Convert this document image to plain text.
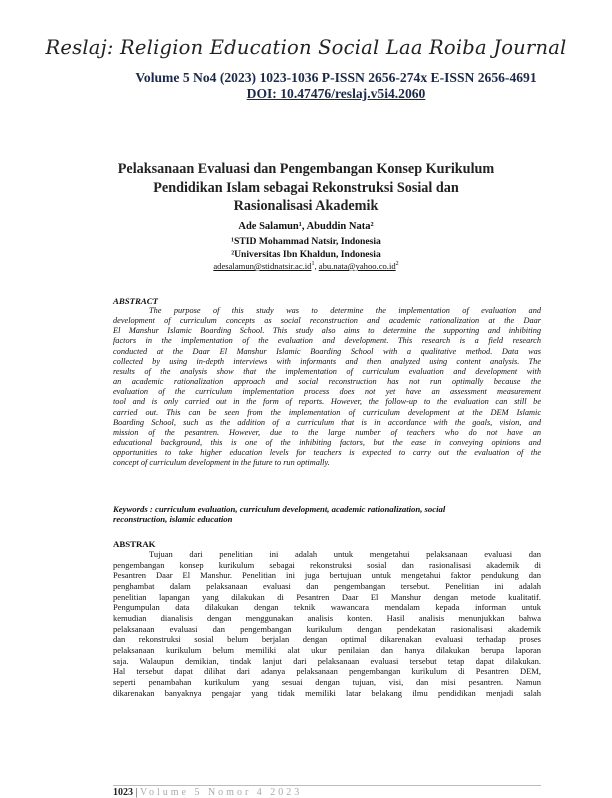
Reslaj: Religion Education Social Laa Roiba Journal
Volume 5 No4 (2023) 1023-1036 P-ISSN 2656-274x E-ISSN 2656-4691
DOI: 10.47476/reslaj.v5i4.2060
Pelaksanaan Evaluasi dan Pengembangan Konsep Kurikulum
Pendidikan Islam sebagai Rekonstruksi Sosial dan
Rasionalisasi Akademik
Ade Salamun¹, Abuddin Nata²
¹STID Mohammad Natsir, Indonesia
²Universitas Ibn Khaldun, Indonesia
$adesalamun@stidnatsir.ac.id^1$, $abu.nata@yahoo.co.id^2$
ABSTRACT
The purpose of this study was to determine the implementation of evaluation and
development of curriculum concepts as social reconstruction and academic rationalization at the Daar
El Manshur Islamic Boarding School. This study also aims to determine the supporting and inhibiting
factors in the implementation of the evaluation and development. This research is a field research
conducted at the Daar El Manshur Islamic Boarding School with a qualitative method. Data was
collected by using in-depth interviews with informants and then analyzed using content analysis. The
results of the analysis show that the implementation of curriculum evaluation and development with
an academic rationalization approach and social reconstruction has not run optimally because the
evaluation of the curriculum implementation process does not yet have an assessment measurement
tool and is only carried out in the form of reports. However, the follow-up to the evaluation can still be
carried out. This can be seen from the implementation of curriculum development at the DEM Islamic
Boarding School, such as the addition of a curriculum that is in accordance with the goals, vision, and
mission of the pesantren. However, due to the large number of teachers who do not have an
educational background, this is one of the inhibiting factors, but the ease in conveying opinions and
opportunities to take higher education levels for teachers is expected to carry out the evaluation of the
concept of curriculum development in the future to run optimally.
Keywords : curriculum evaluation, curriculum development, academic rationalization, social
reconstruction, islamic education
ABSTRAK
Tujuan dari penelitian ini adalah untuk mengetahui pelaksanaan evaluasi dan
pengembangan konsep kurikulum sebagai rekonstruksi sosial dan rasionalisasi akademik di
Pesantren Daar El Manshur. Penelitian ini juga bertujuan untuk mengetahui faktor pendukung dan
penghambat dalam pelaksanaan evaluasi dan pengembangan tersebut. Penelitian ini adalah
penelitian lapangan yang dilakukan di Pesantren Daar El Manshur dengan metode kualitatif.
Pengumpulan data dilakukan dengan teknik wawancara mendalam kepada informan untuk
kemudian dianalisis dengan menggunakan analisis konten. Hasil analisis menunjukkan bahwa
pelaksanaan evaluasi dan pengembangan kurikulum dengan pendekatan rasionalisasi akademik
dan rekonstruksi sosial belum berjalan dengan optimal dikarenakan evaluasi terhadap proses
pelaksanaan kurikulum belum memiliki alat ukur penilaian dan hanya dilakukan berupa laporan
saja. Walaupun demikian, tindak lanjut dari pelaksanaan evaluasi tersebut tetap dapat dilakukan.
Hal tersebut dapat dilihat dari adanya pelaksanaan pengembangan kurikulum di Pesantren DEM,
seperti penambahan kurikulum yang sesuai dengan tujuan, visi, dan misi pesantren. Namun
dikarenakan banyaknya pengajar yang tidak memiliki latar belakang ilmu pendidikan menjadi salah
1023 | Volume 5 Nomor 4 2023
